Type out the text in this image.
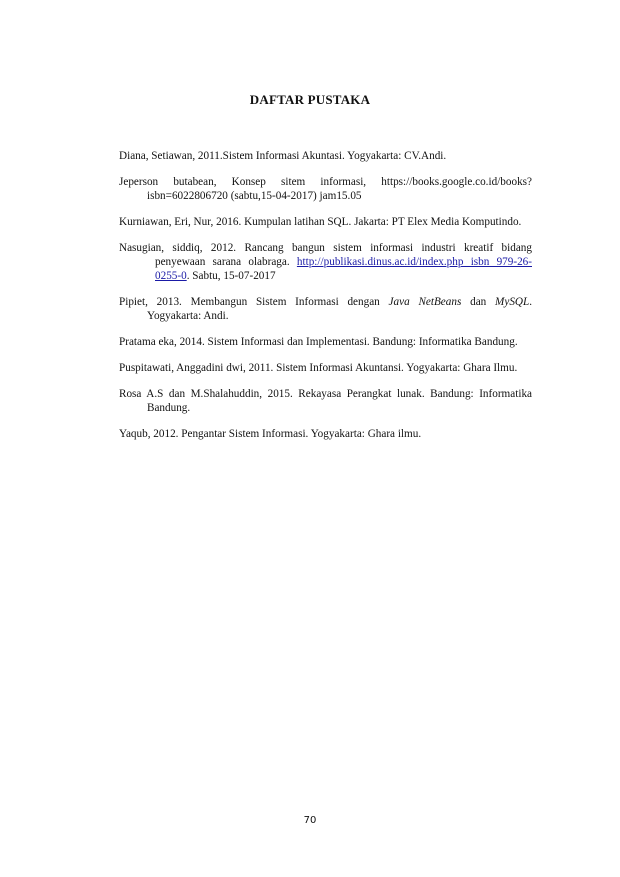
DAFTAR PUSTAKA

Diana, Setiawan, 2011.Sistem Informasi Akuntasi. Yogyakarta: CV.Andi.

Jeperson butabean, Konsep sitem informasi, https://books.google.co.id/books?isbn=6022806720 (sabtu,15-04-2017) jam15.05

Kurniawan, Eri, Nur, 2016. Kumpulan latihan SQL. Jakarta: PT Elex Media Komputindo.

Nasugian, siddiq, 2012. Rancang bangun sistem informasi industri kreatif bidang penyewaan sarana olabraga. http://publikasi.dinus.ac.id/index.php isbn 979-26-0255-0. Sabtu, 15-07-2017

Pipiet, 2013. Membangun Sistem Informasi dengan Java NetBeans dan MySQL. Yogyakarta: Andi.

Pratama eka, 2014. Sistem Informasi dan Implementasi. Bandung: Informatika Bandung.

Puspitawati, Anggadini dwi, 2011. Sistem Informasi Akuntansi. Yogyakarta: Ghara Ilmu.

Rosa A.S dan M.Shalahuddin, 2015. Rekayasa Perangkat lunak. Bandung: Informatika Bandung.

Yaqub, 2012. Pengantar Sistem Informasi. Yogyakarta: Ghara ilmu.

70
